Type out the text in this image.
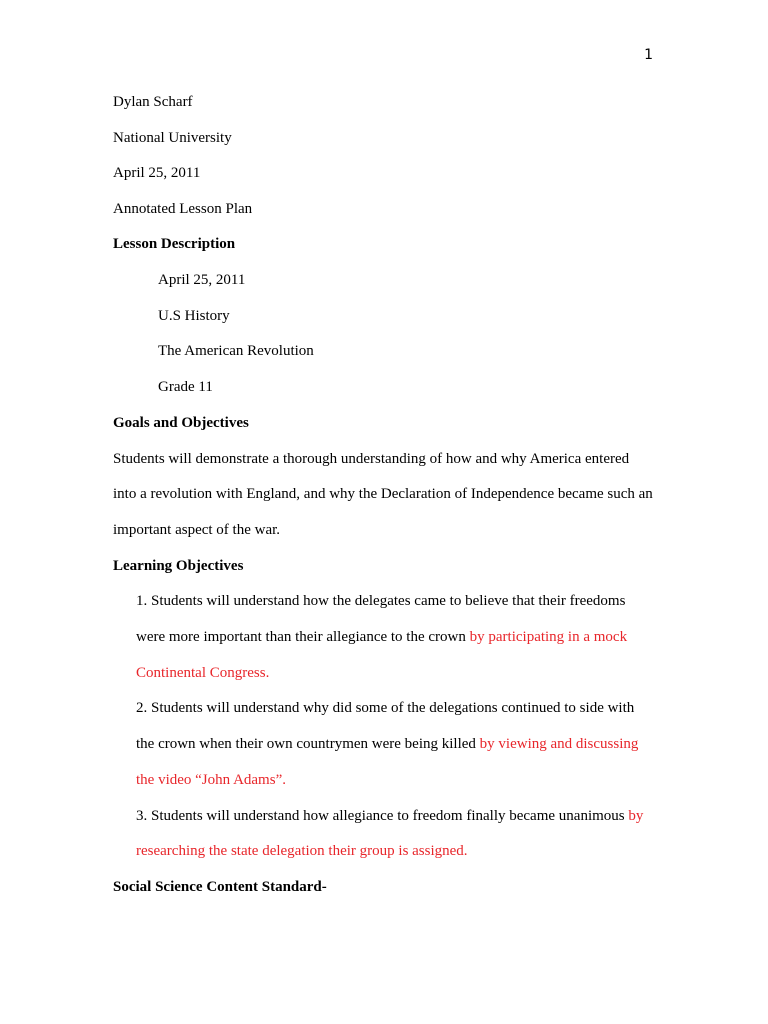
1
Dylan Scharf
National University
April 25, 2011
Annotated Lesson Plan
Lesson Description
April 25, 2011
U.S History
The American Revolution
Grade 11
Goals and Objectives
Students will demonstrate a thorough understanding of how and why America entered
into a revolution with England, and why the Declaration of Independence became such an
important aspect of the war.
Learning Objectives
1. Students will understand how the delegates came to believe that their freedoms
were more important than their allegiance to the crown by participating in a mock
Continental Congress.
2. Students will understand why did some of the delegations continued to side with
the crown when their own countrymen were being killed by viewing and discussing
the video “John Adams”.
3. Students will understand how allegiance to freedom finally became unanimous by
researching the state delegation their group is assigned.
Social Science Content Standard-
